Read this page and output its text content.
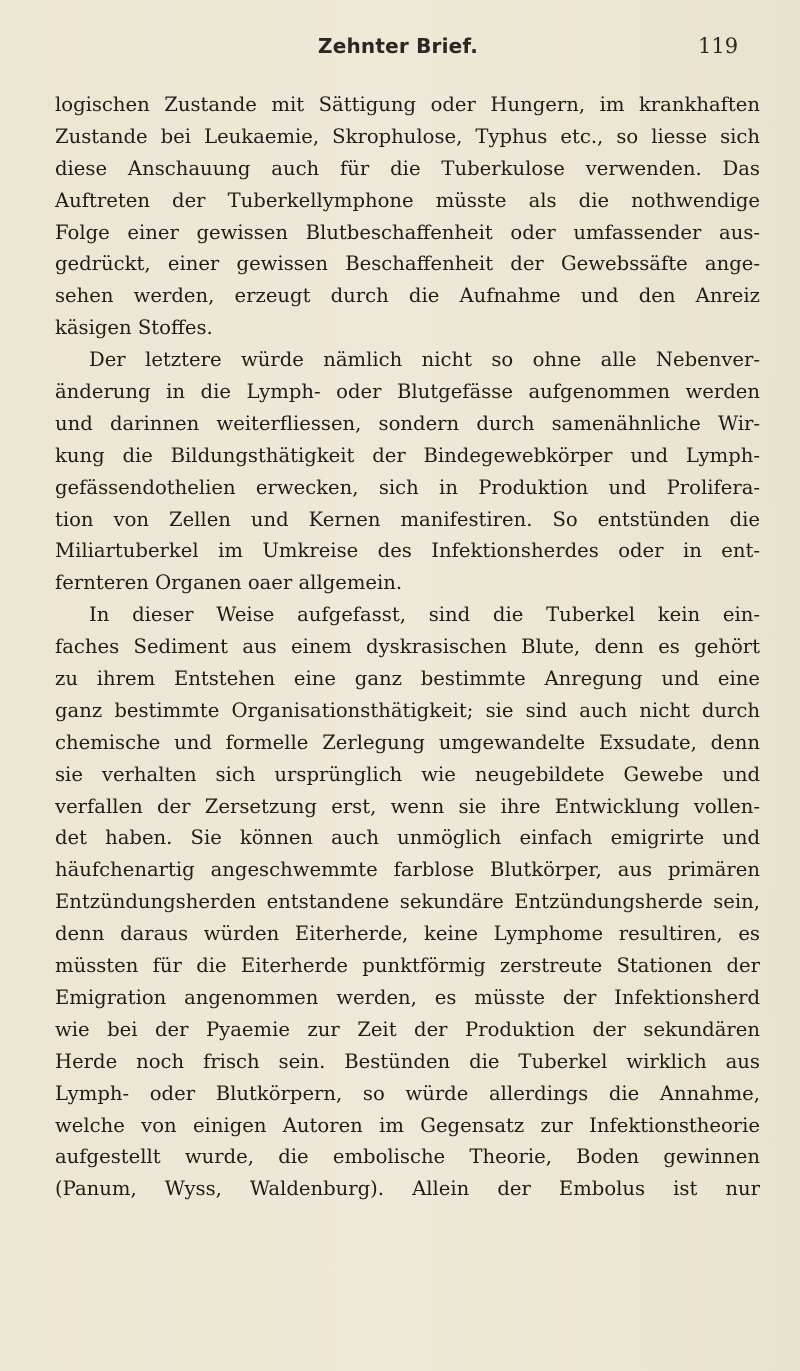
Zehnter Brief.	119
logischen Zustande mit Sättigung oder Hungern, im krankhaften
Zustande bei Leukaemie, Skrophulose, Typhus etc., so liesse sich
diese Anschauung auch für die Tuberkulose verwenden. Das
Auftreten der Tuberkellymphone müsste als die nothwendige
Folge einer gewissen Blutbeschaffenheit oder umfassender aus-
gedrückt, einer gewissen Beschaffenheit der Gewebssäfte ange-
sehen werden, erzeugt durch die Aufnahme und den Anreiz
käsigen Stoffes.
Der letztere würde nämlich nicht so ohne alle Nebenver-
änderung in die Lymph- oder Blutgefässe aufgenommen werden
und darinnen weiterfliessen, sondern durch samenähnliche Wir-
kung die Bildungsthätigkeit der Bindegewebkörper und Lymph-
gefässendothelien erwecken, sich in Produktion und Prolifera-
tion von Zellen und Kernen manifestiren. So entstünden die
Miliartuberkel im Umkreise des Infektionsherdes oder in ent-
fernteren Organen oaer allgemein.
In dieser Weise aufgefasst, sind die Tuberkel kein ein-
faches Sediment aus einem dyskrasischen Blute, denn es gehört
zu ihrem Entstehen eine ganz bestimmte Anregung und eine
ganz bestimmte Organisationsthätigkeit; sie sind auch nicht durch
chemische und formelle Zerlegung umgewandelte Exsudate, denn
sie verhalten sich ursprünglich wie neugebildete Gewebe und
verfallen der Zersetzung erst, wenn sie ihre Entwicklung vollen-
det haben. Sie können auch unmöglich einfach emigrirte und
häufchenartig angeschwemmte farblose Blutkörper, aus primären
Entzündungsherden entstandene sekundäre Entzündungsherde sein,
denn daraus würden Eiterherde, keine Lymphome resultiren, es
müssten für die Eiterherde punktförmig zerstreute Stationen der
Emigration angenommen werden, es müsste der Infektionsherd
wie bei der Pyaemie zur Zeit der Produktion der sekundären
Herde noch frisch sein. Bestünden die Tuberkel wirklich aus
Lymph- oder Blutkörpern, so würde allerdings die Annahme,
welche von einigen Autoren im Gegensatz zur Infektionstheorie
aufgestellt wurde, die embolische Theorie, Boden gewinnen
(Panum, Wyss, Waldenburg). Allein der Embolus ist nur
